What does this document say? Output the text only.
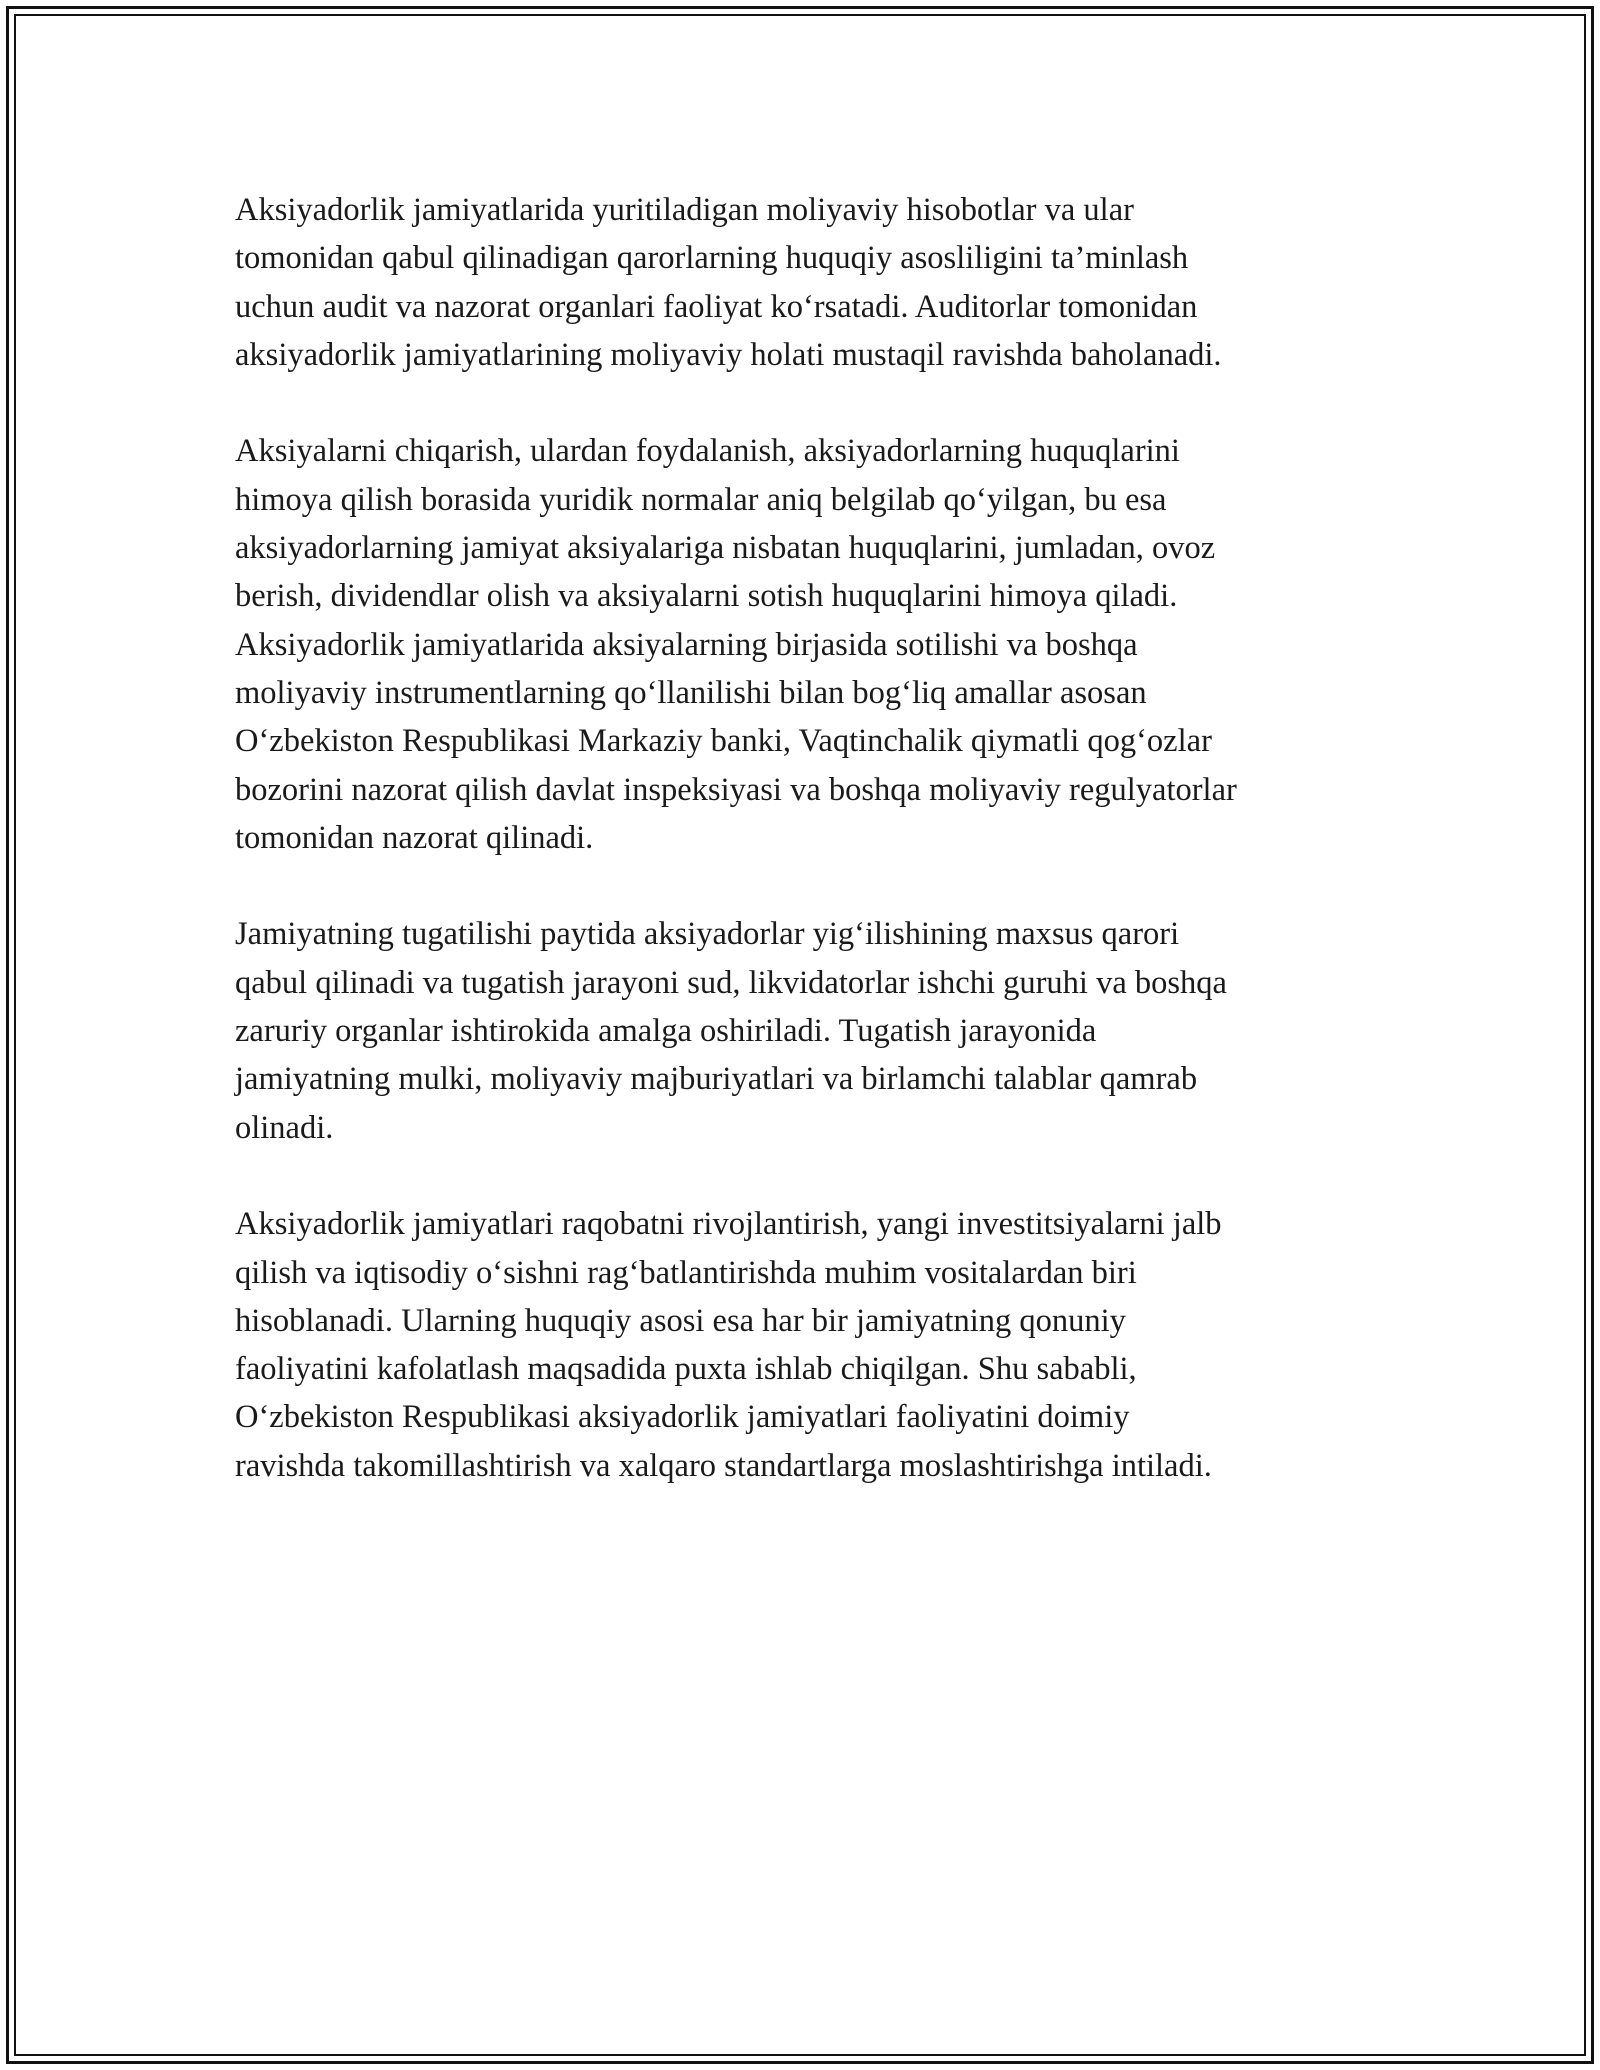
Aksiyadorlik jamiyatlarida yuritiladigan moliyaviy hisobotlar va ular
tomonidan qabul qilinadigan qarorlarning huquqiy asosliligini ta’minlash
uchun audit va nazorat organlari faoliyat ko‘rsatadi. Auditorlar tomonidan
aksiyadorlik jamiyatlarining moliyaviy holati mustaqil ravishda baholanadi.

Aksiyalarni chiqarish, ulardan foydalanish, aksiyadorlarning huquqlarini
himoya qilish borasida yuridik normalar aniq belgilab qo‘yilgan, bu esa
aksiyadorlarning jamiyat aksiyalariga nisbatan huquqlarini, jumladan, ovoz
berish, dividendlar olish va aksiyalarni sotish huquqlarini himoya qiladi.
Aksiyadorlik jamiyatlarida aksiyalarning birjasida sotilishi va boshqa
moliyaviy instrumentlarning qo‘llanilishi bilan bog‘liq amallar asosan
O‘zbekiston Respublikasi Markaziy banki, Vaqtinchalik qiymatli qog‘ozlar
bozorini nazorat qilish davlat inspeksiyasi va boshqa moliyaviy regulyatorlar
tomonidan nazorat qilinadi.

Jamiyatning tugatilishi paytida aksiyadorlar yig‘ilishining maxsus qarori
qabul qilinadi va tugatish jarayoni sud, likvidatorlar ishchi guruhi va boshqa
zaruriy organlar ishtirokida amalga oshiriladi. Tugatish jarayonida
jamiyatning mulki, moliyaviy majburiyatlari va birlamchi talablar qamrab
olinadi.

Aksiyadorlik jamiyatlari raqobatni rivojlantirish, yangi investitsiyalarni jalb
qilish va iqtisodiy o‘sishni rag‘batlantirishda muhim vositalardan biri
hisoblanadi. Ularning huquqiy asosi esa har bir jamiyatning qonuniy
faoliyatini kafolatlash maqsadida puxta ishlab chiqilgan. Shu sababli,
O‘zbekiston Respublikasi aksiyadorlik jamiyatlari faoliyatini doimiy
ravishda takomillashtirish va xalqaro standartlarga moslashtirishga intiladi.
